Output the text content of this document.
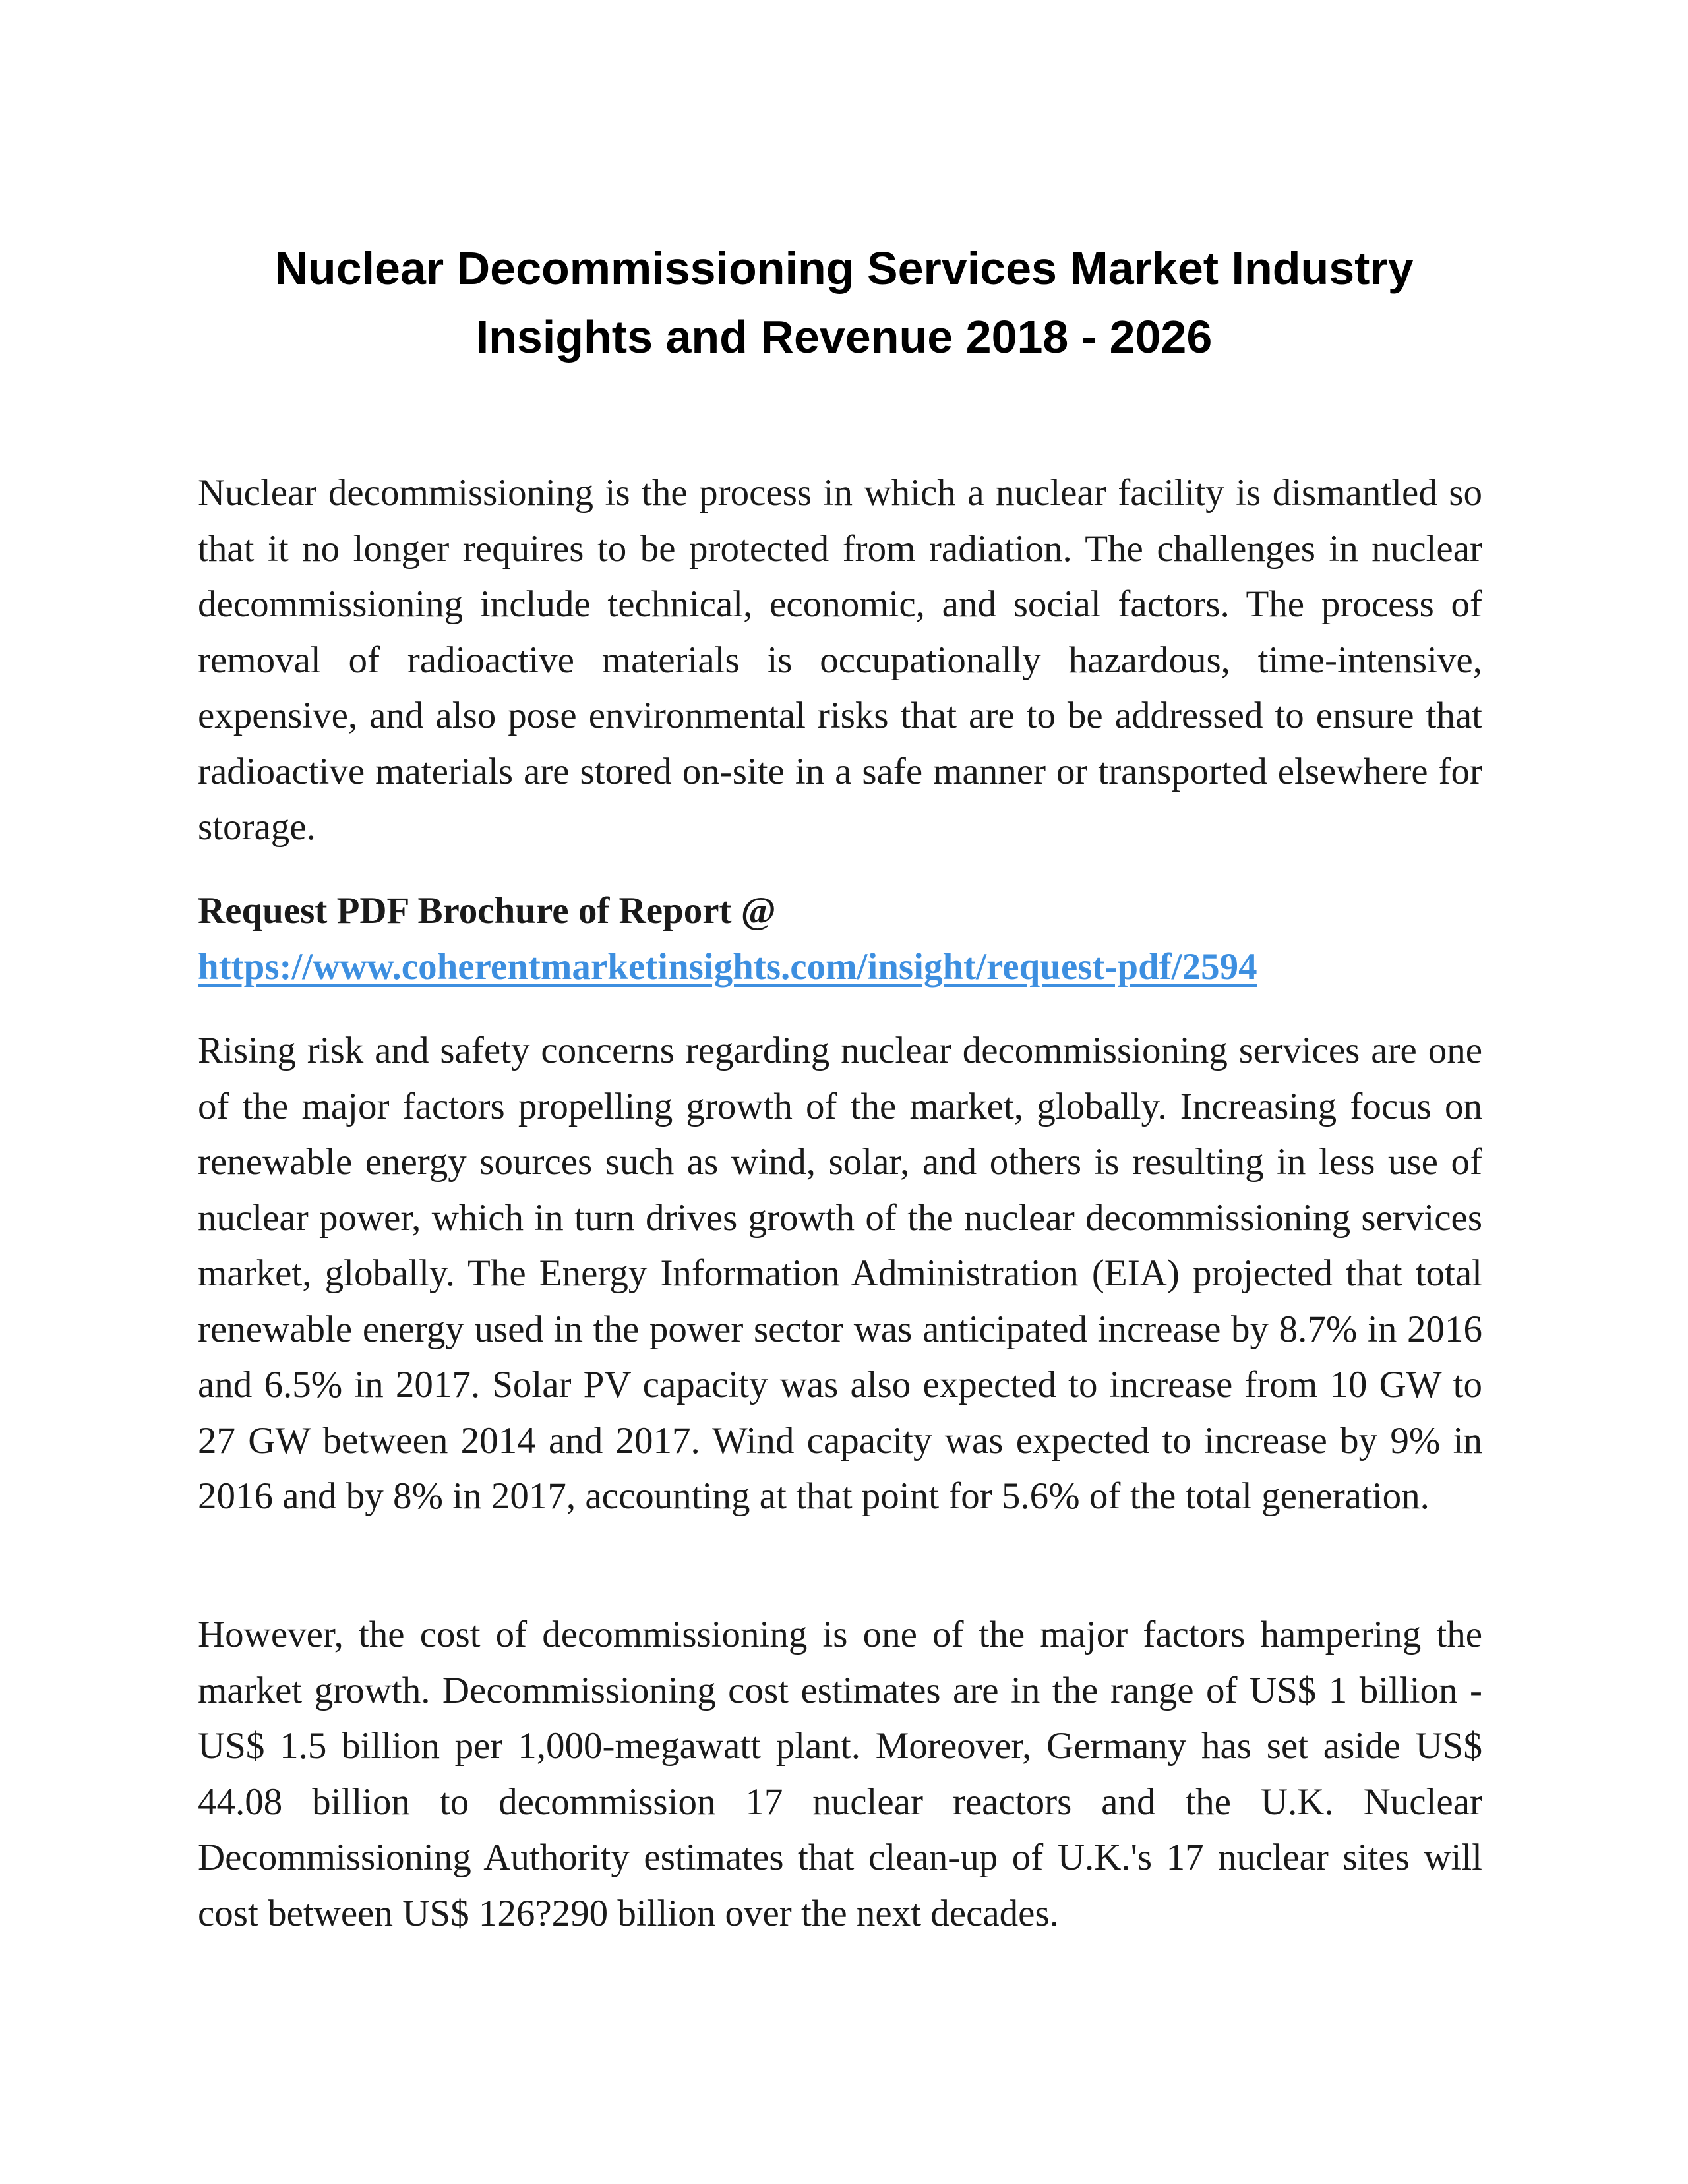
Nuclear Decommissioning Services Market Industry
Insights and Revenue 2018 - 2026

Nuclear decommissioning is the process in which a nuclear facility is dismantled so that it no longer requires to be protected from radiation. The challenges in nuclear decommissioning include technical, economic, and social factors. The process of removal of radioactive materials is occupationally hazardous, time-intensive, expensive, and also pose environmental risks that are to be addressed to ensure that radioactive materials are stored on-site in a safe manner or transported elsewhere for storage.

Request PDF Brochure of Report @
https://www.coherentmarketinsights.com/insight/request-pdf/2594

Rising risk and safety concerns regarding nuclear decommissioning services are one of the major factors propelling growth of the market, globally. Increasing focus on renewable energy sources such as wind, solar, and others is resulting in less use of nuclear power, which in turn drives growth of the nuclear decommissioning services market, globally. The Energy Information Administration (EIA) projected that total renewable energy used in the power sector was anticipated increase by 8.7% in 2016 and 6.5% in 2017. Solar PV capacity was also expected to increase from 10 GW to 27 GW between 2014 and 2017. Wind capacity was expected to increase by 9% in 2016 and by 8% in 2017, accounting at that point for 5.6% of the total generation.

However, the cost of decommissioning is one of the major factors hampering the market growth. Decommissioning cost estimates are in the range of US$ 1 billion - US$ 1.5 billion per 1,000-megawatt plant. Moreover, Germany has set aside US$ 44.08 billion to decommission 17 nuclear reactors and the U.K. Nuclear Decommissioning Authority estimates that clean-up of U.K.'s 17 nuclear sites will cost between US$ 126?290 billion over the next decades.
